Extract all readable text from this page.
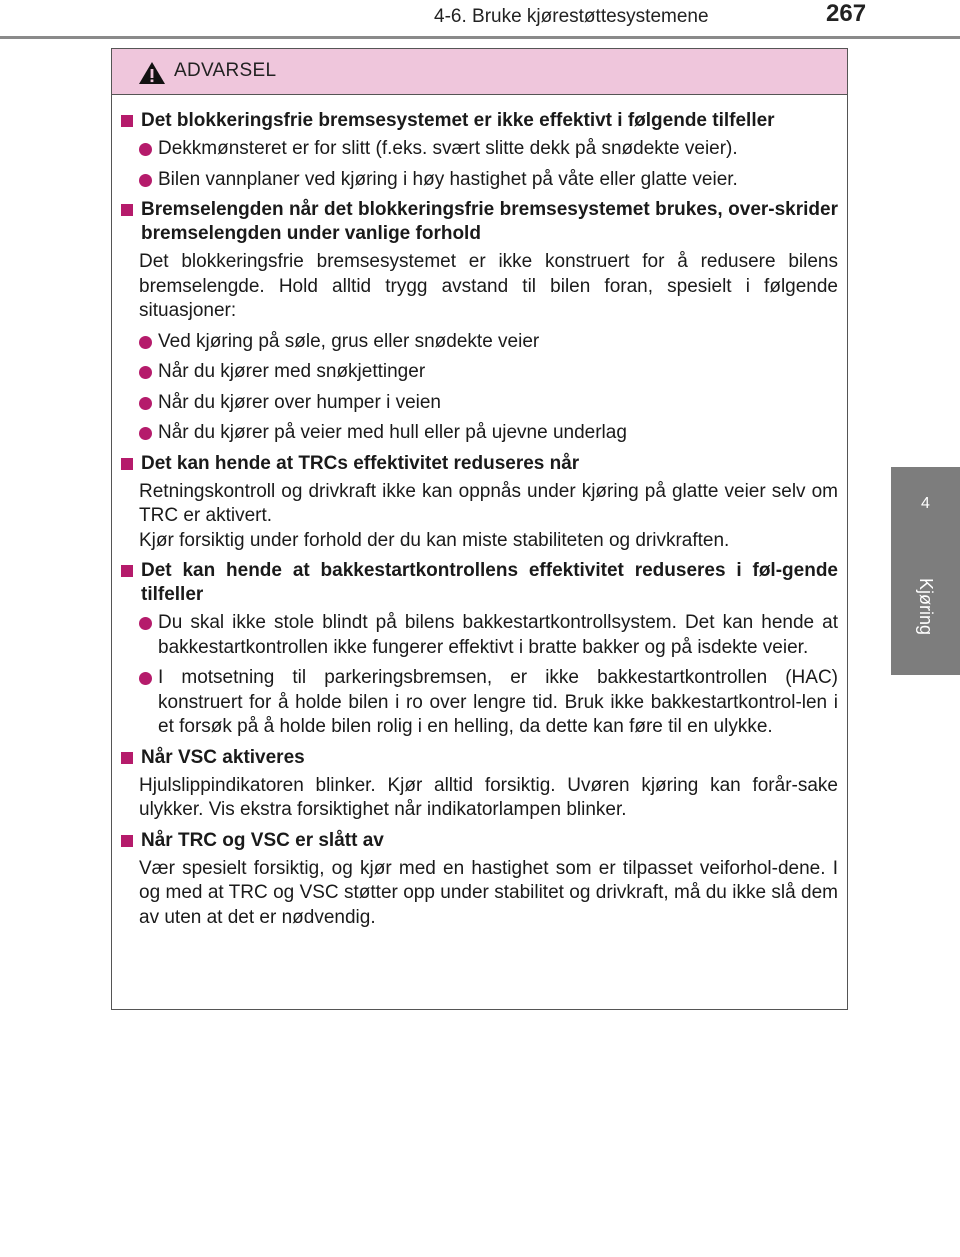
4-6. Bruke kjørestøttesystemene	267
4
Kjøring
ADVARSEL
Det blokkeringsfrie bremsesystemet er ikke effektivt i følgende tilfeller
Dekkmønsteret er for slitt (f.eks. svært slitte dekk på snødekte veier).
Bilen vannplaner ved kjøring i høy hastighet på våte eller glatte veier.
Bremselengden når det blokkeringsfrie bremsesystemet brukes, over-skrider bremselengden under vanlige forhold
Det blokkeringsfrie bremsesystemet er ikke konstruert for å redusere bilens bremselengde. Hold alltid trygg avstand til bilen foran, spesielt i følgende situasjoner:
Ved kjøring på søle, grus eller snødekte veier
Når du kjører med snøkjettinger
Når du kjører over humper i veien
Når du kjører på veier med hull eller på ujevne underlag
Det kan hende at TRCs effektivitet reduseres når
Retningskontroll og drivkraft ikke kan oppnås under kjøring på glatte veier selv om TRC er aktivert.
Kjør forsiktig under forhold der du kan miste stabiliteten og drivkraften.
Det kan hende at bakkestartkontrollens effektivitet reduseres i føl-gende tilfeller
Du skal ikke stole blindt på bilens bakkestartkontrollsystem. Det kan hende at bakkestartkontrollen ikke fungerer effektivt i bratte bakker og på isdekte veier.
I motsetning til parkeringsbremsen, er ikke bakkestartkontrollen (HAC) konstruert for å holde bilen i ro over lengre tid. Bruk ikke bakkestartkontrol-len i et forsøk på å holde bilen rolig i en helling, da dette kan føre til en ulykke.
Når VSC aktiveres
Hjulslippindikatoren blinker. Kjør alltid forsiktig. Uvøren kjøring kan forår-sake ulykker. Vis ekstra forsiktighet når indikatorlampen blinker.
Når TRC og VSC er slått av
Vær spesielt forsiktig, og kjør med en hastighet som er tilpasset veiforhol-dene. I og med at TRC og VSC støtter opp under stabilitet og drivkraft, må du ikke slå dem av uten at det er nødvendig.
